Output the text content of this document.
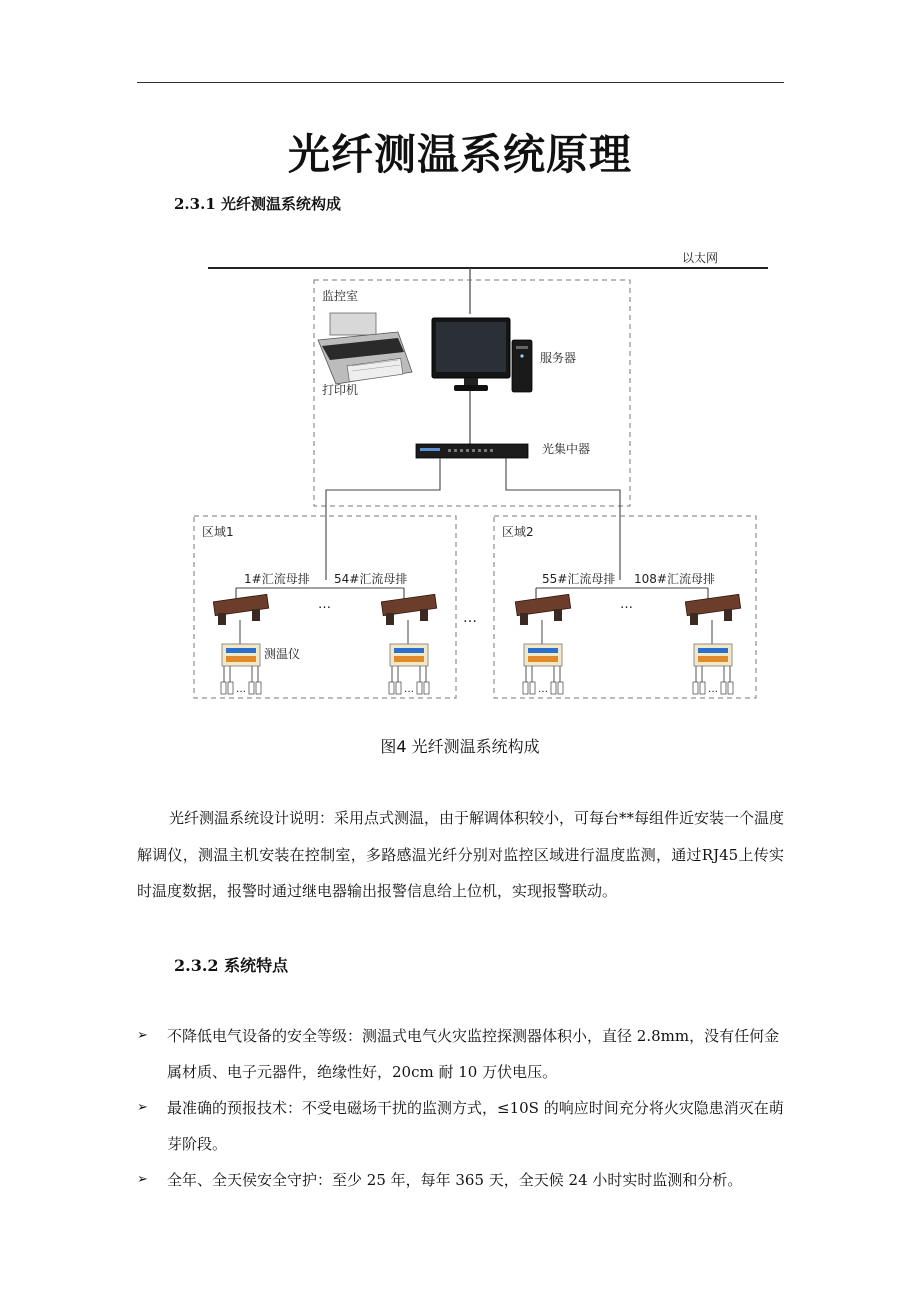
光纤测温系统原理
2.3.1 光纤测温系统构成
以太网
监控室
打印机
服务器
光集中器
区域1	区域2
…
1#汇流母排 54#汇流母排
…
55#汇流母排 108#汇流母排
…
…
测温仪
…	…	…
图4 光纤测温系统构成
光纤测温系统设计说明：采用点式测温，由于解调体积较小，可每台**每组件近安装一个温度解调仪，测温主机安装在控制室，多路感温光纤分别对监控区域进行温度监测，通过RJ45上传实时温度数据，报警时通过继电器输出报警信息给上位机，实现报警联动。
2.3.2 系统特点
➢ 不降低电气设备的安全等级：测温式电气火灾监控探测器体积小，直径 2.8mm，没有任何金属材质、电子元器件，绝缘性好，20cm 耐 10 万伏电压。
➢ 最准确的预报技术：不受电磁场干扰的监测方式，≤10S 的响应时间充分将火灾隐患消灭在萌芽阶段。
➢ 全年、全天侯安全守护：至少 25 年，每年 365 天，全天候 24 小时实时监测和分析。
